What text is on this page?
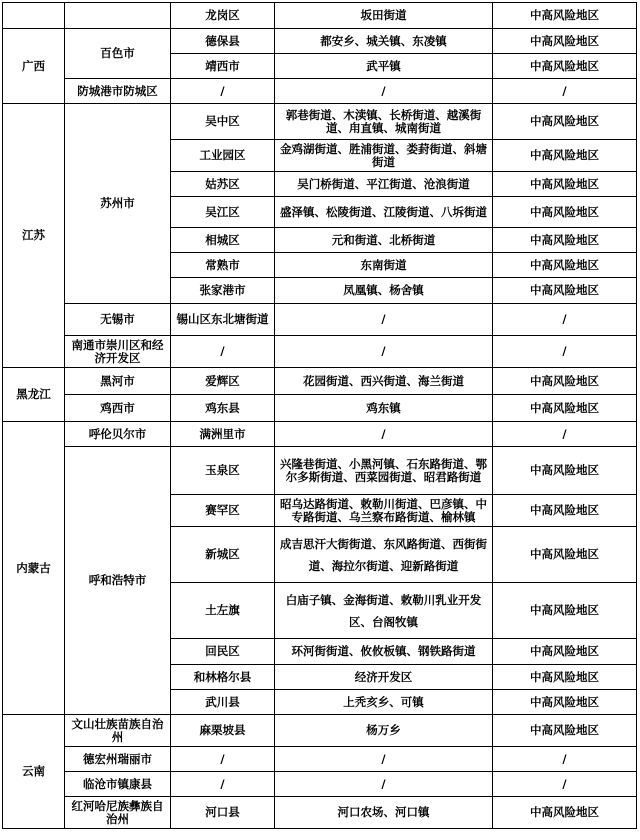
		龙岗区	坂田街道	中高风险地区
广西	百色市	德保县	都安乡、城关镇、东凌镇	中高风险地区
		靖西市	武平镇	中高风险地区
	防城港市防城区	/	/	/
江苏	苏州市	吴中区	郭巷街道、木渎镇、长桥街道、越溪街道、甪直镇、城南街道	中高风险地区
		工业园区	金鸡湖街道、胜浦街道、娄葑街道、斜塘街道	中高风险地区
		姑苏区	吴门桥街道、平江街道、沧浪街道	中高风险地区
		吴江区	盛泽镇、松陵街道、江陵街道、八坼街道	中高风险地区
		相城区	元和街道、北桥街道	中高风险地区
		常熟市	东南街道	中高风险地区
		张家港市	凤凰镇、杨舍镇	中高风险地区
	无锡市	锡山区东北塘街道	/	/
	南通市崇川区和经济开发区	/	/	/
黑龙江	黑河市	爱辉区	花园街道、西兴街道、海兰街道	中高风险地区
	鸡西市	鸡东县	鸡东镇	中高风险地区
内蒙古	呼伦贝尔市	满洲里市	/	/
	呼和浩特市	玉泉区	兴隆巷街道、小黑河镇、石东路街道、鄂尔多斯街道、西菜园街道、昭君路街道	中高风险地区
		赛罕区	昭乌达路街道、敕勒川街道、巴彦镇、中专路街道、乌兰察布路街道、榆林镇	中高风险地区
		新城区	成吉思汗大街街道、东风路街道、西街街道、海拉尔街道、迎新路街道	中高风险地区
		土左旗	白庙子镇、金海街道、敕勒川乳业开发区、台阁牧镇	中高风险地区
		回民区	环河街街道、攸攸板镇、钢铁路街道	中高风险地区
		和林格尔县	经济开发区	中高风险地区
		武川县	上秃亥乡、可镇	中高风险地区
云南	文山壮族苗族自治州	麻栗坡县	杨万乡	中高风险地区
	德宏州瑞丽市	/	/	/
	临沧市镇康县	/	/	/
	红河哈尼族彝族自治州	河口县	河口农场、河口镇	中高风险地区
